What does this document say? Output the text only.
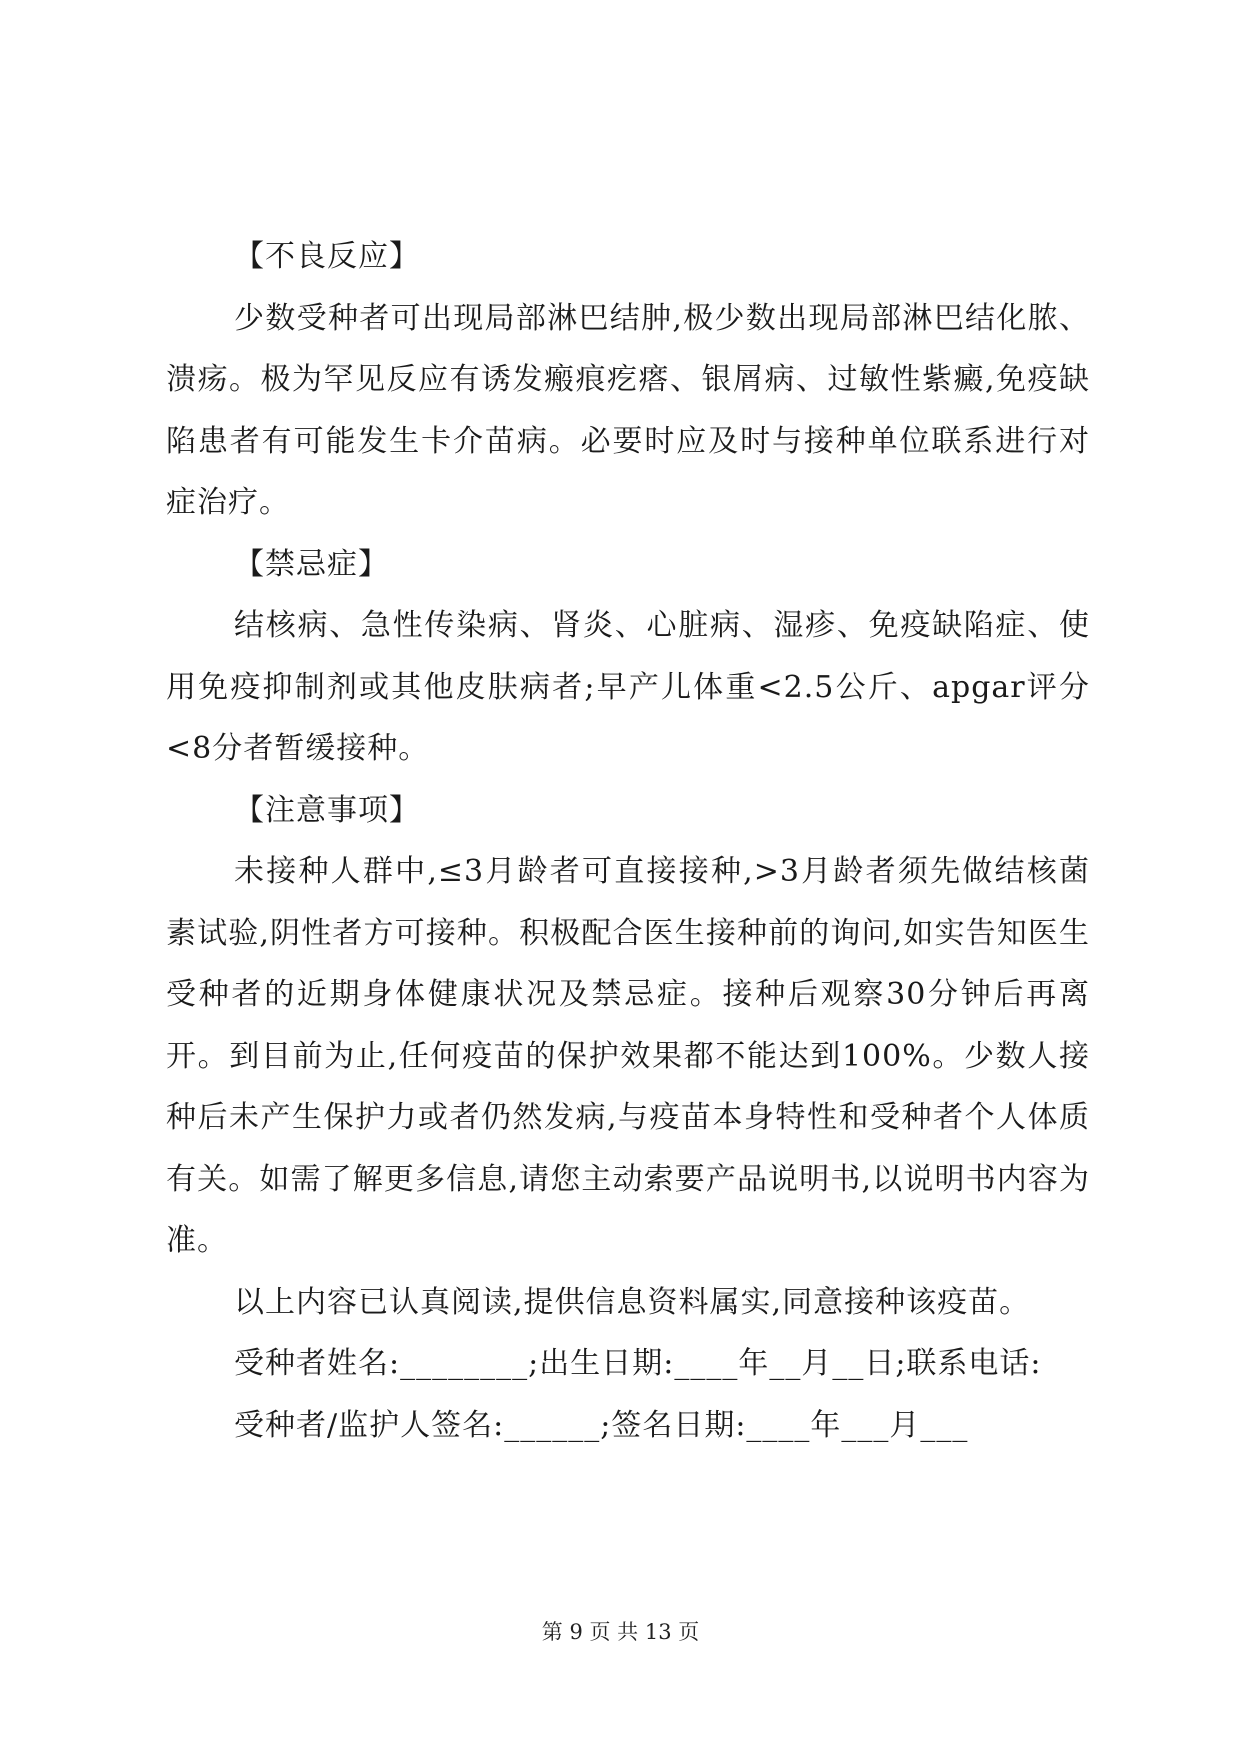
【不良反应】

少数受种者可出现局部淋巴结肿,极少数出现局部淋巴结化脓、溃疡。极为罕见反应有诱发瘢痕疙瘩、银屑病、过敏性紫癜,免疫缺陷患者有可能发生卡介苗病。必要时应及时与接种单位联系进行对症治疗。

【禁忌症】

结核病、急性传染病、肾炎、心脏病、湿疹、免疫缺陷症、使用免疫抑制剂或其他皮肤病者;早产儿体重<2.5公斤、apgar评分<8分者暂缓接种。

【注意事项】

未接种人群中,≤3月龄者可直接接种,>3月龄者须先做结核菌素试验,阴性者方可接种。积极配合医生接种前的询问,如实告知医生受种者的近期身体健康状况及禁忌症。接种后观察30分钟后再离开。到目前为止,任何疫苗的保护效果都不能达到100%。少数人接种后未产生保护力或者仍然发病,与疫苗本身特性和受种者个人体质有关。如需了解更多信息,请您主动索要产品说明书,以说明书内容为准。

以上内容已认真阅读,提供信息资料属实,同意接种该疫苗。

受种者姓名:________;出生日期:____年__月__日;联系电话:

受种者/监护人签名:______;签名日期:____年___月___

第 9 页 共 13 页
